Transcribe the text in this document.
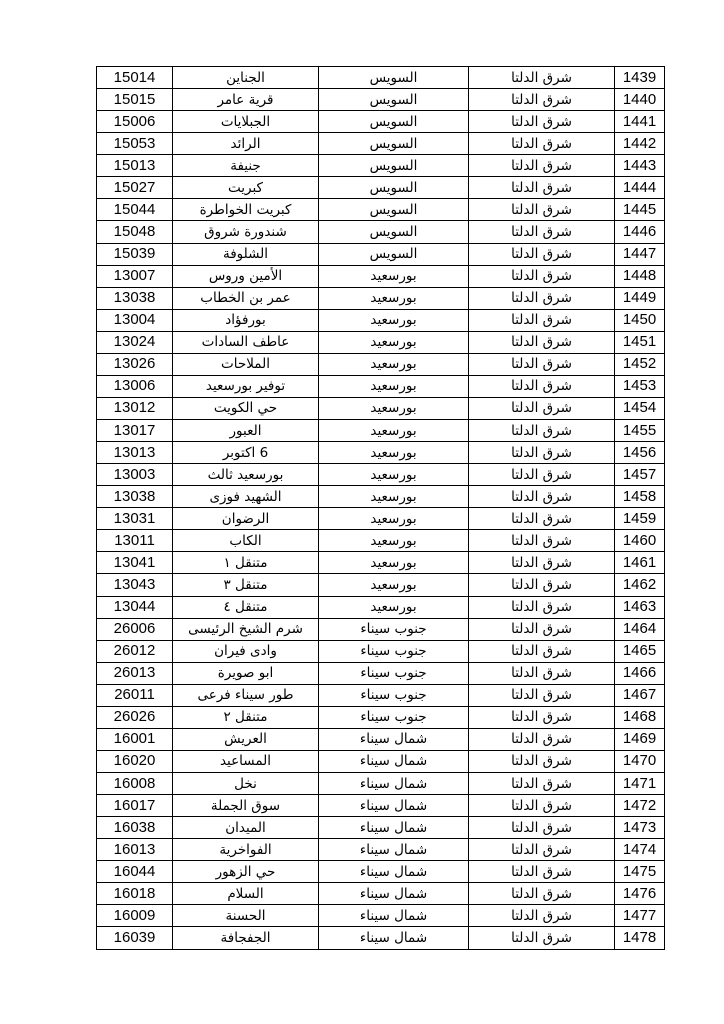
15014	الجناين	السويس	شرق الدلتا	1439
15015	قرية عامر	السويس	شرق الدلتا	1440
15006	الجبلايات	السويس	شرق الدلتا	1441
15053	الرائد	السويس	شرق الدلتا	1442
15013	جنيفة	السويس	شرق الدلتا	1443
15027	كبريت	السويس	شرق الدلتا	1444
15044	كبريت الخواطرة	السويس	شرق الدلتا	1445
15048	شندورة شروق	السويس	شرق الدلتا	1446
15039	الشلوفة	السويس	شرق الدلتا	1447
13007	الأمين وروس	بورسعيد	شرق الدلتا	1448
13038	عمر بن الخطاب	بورسعيد	شرق الدلتا	1449
13004	بورفؤاد	بورسعيد	شرق الدلتا	1450
13024	عاطف السادات	بورسعيد	شرق الدلتا	1451
13026	الملاحات	بورسعيد	شرق الدلتا	1452
13006	توفير بورسعيد	بورسعيد	شرق الدلتا	1453
13012	حي الكويت	بورسعيد	شرق الدلتا	1454
13017	العبور	بورسعيد	شرق الدلتا	1455
13013	6 اكتوبر	بورسعيد	شرق الدلتا	1456
13003	بورسعيد ثالث	بورسعيد	شرق الدلتا	1457
13038	الشهيد فوزى	بورسعيد	شرق الدلتا	1458
13031	الرضوان	بورسعيد	شرق الدلتا	1459
13011	الكاب	بورسعيد	شرق الدلتا	1460
13041	متنقل ١	بورسعيد	شرق الدلتا	1461
13043	متنقل ٣	بورسعيد	شرق الدلتا	1462
13044	متنقل ٤	بورسعيد	شرق الدلتا	1463
26006	شرم الشيخ الرئيسى	جنوب سيناء	شرق الدلتا	1464
26012	وادى فيران	جنوب سيناء	شرق الدلتا	1465
26013	ابو صويرة	جنوب سيناء	شرق الدلتا	1466
26011	طور سيناء فرعى	جنوب سيناء	شرق الدلتا	1467
26026	متنقل ٢	جنوب سيناء	شرق الدلتا	1468
16001	العريش	شمال سيناء	شرق الدلتا	1469
16020	المساعيد	شمال سيناء	شرق الدلتا	1470
16008	نخل	شمال سيناء	شرق الدلتا	1471
16017	سوق الجملة	شمال سيناء	شرق الدلتا	1472
16038	الميدان	شمال سيناء	شرق الدلتا	1473
16013	الفواخرية	شمال سيناء	شرق الدلتا	1474
16044	حي الزهور	شمال سيناء	شرق الدلتا	1475
16018	السلام	شمال سيناء	شرق الدلتا	1476
16009	الحسنة	شمال سيناء	شرق الدلتا	1477
16039	الجفجافة	شمال سيناء	شرق الدلتا	1478
